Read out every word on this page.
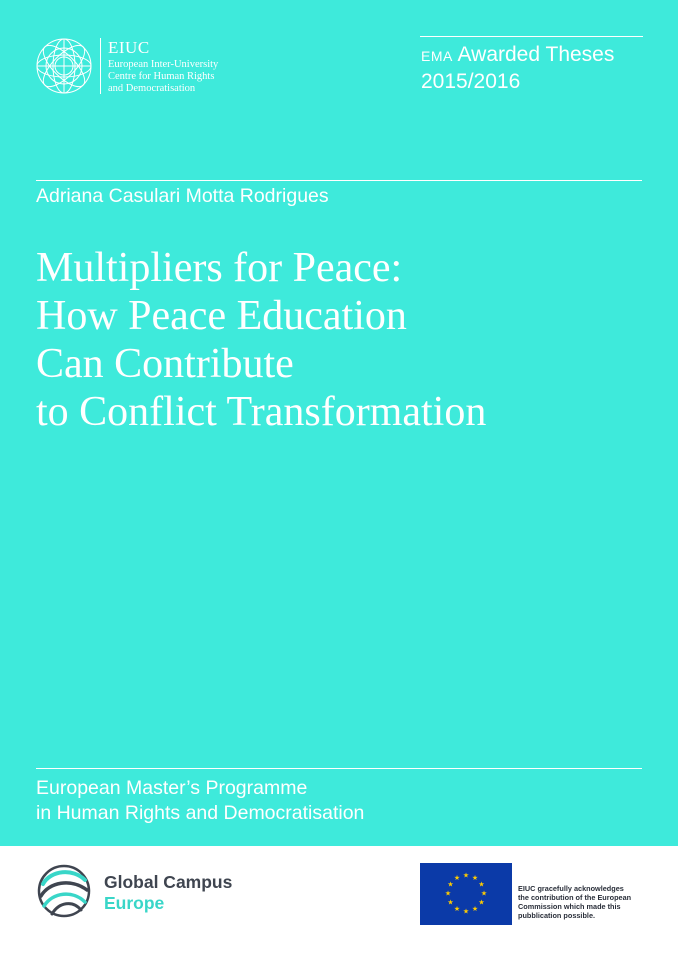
EIUC
European Inter-University
Centre for Human Rights
and Democratisation
EMA Awarded Theses
2015/2016
Adriana Casulari Motta Rodrigues
Multipliers for Peace:
How Peace Education
Can Contribute
to Conflict Transformation
European Master’s Programme
in Human Rights and Democratisation
Global Campus
Europe
★ ★
★
★
★
★
★
★
★
★
★
★
EIUC gracefully acknowledges
the contribution of the European
Commission which made this
pubblication possible.
